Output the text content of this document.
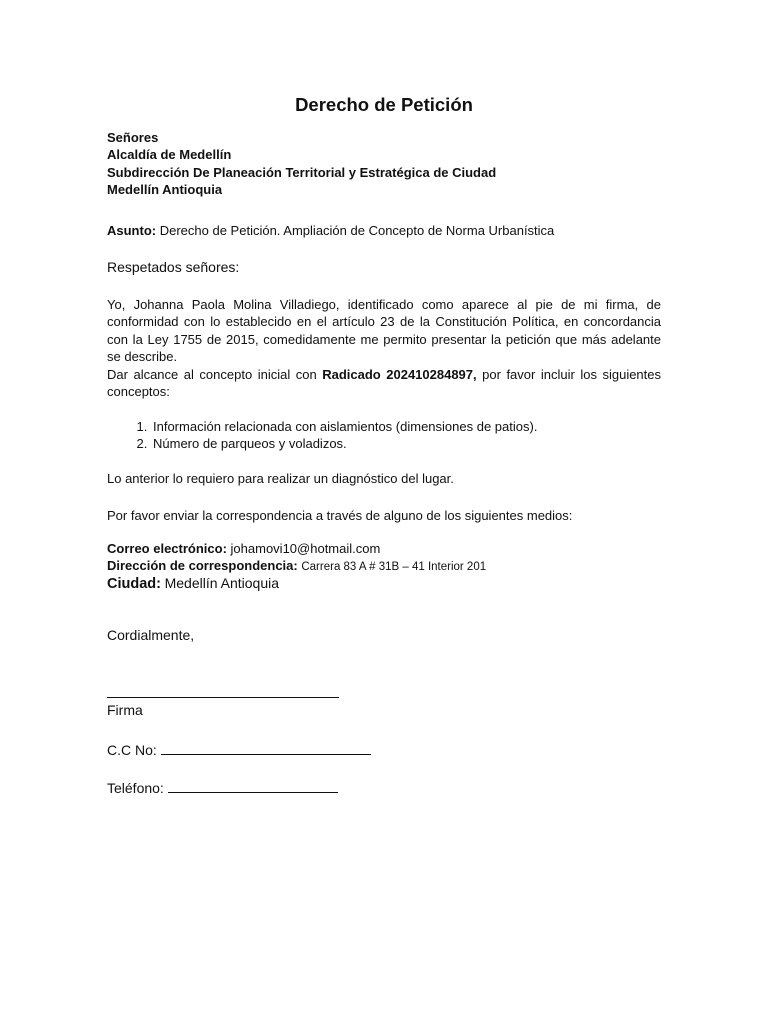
Derecho de Petición
Señores
Alcaldía de Medellín
Subdirección De Planeación Territorial y Estratégica de Ciudad
Medellín Antioquia
Asunto: Derecho de Petición. Ampliación de Concepto de Norma Urbanística
Respetados señores:
Yo, Johanna Paola Molina Villadiego, identificado como aparece al pie de mi firma, de conformidad con lo establecido en el artículo 23 de la Constitución Política, en concordancia con la Ley 1755 de 2015, comedidamente me permito presentar la petición que más adelante se describe.
Dar alcance al concepto inicial con Radicado 202410284897, por favor incluir los siguientes conceptos:
1. Información relacionada con aislamientos (dimensiones de patios).
2. Número de parqueos y voladizos.
Lo anterior lo requiero para realizar un diagnóstico del lugar.
Por favor enviar la correspondencia a través de alguno de los siguientes medios:
Correo electrónico: johamovi10@hotmail.com
Dirección de correspondencia: Carrera 83 A # 31B – 41 Interior 201
Ciudad: Medellín Antioquia
Cordialmente,
Firma
C.C No:
Teléfono:
